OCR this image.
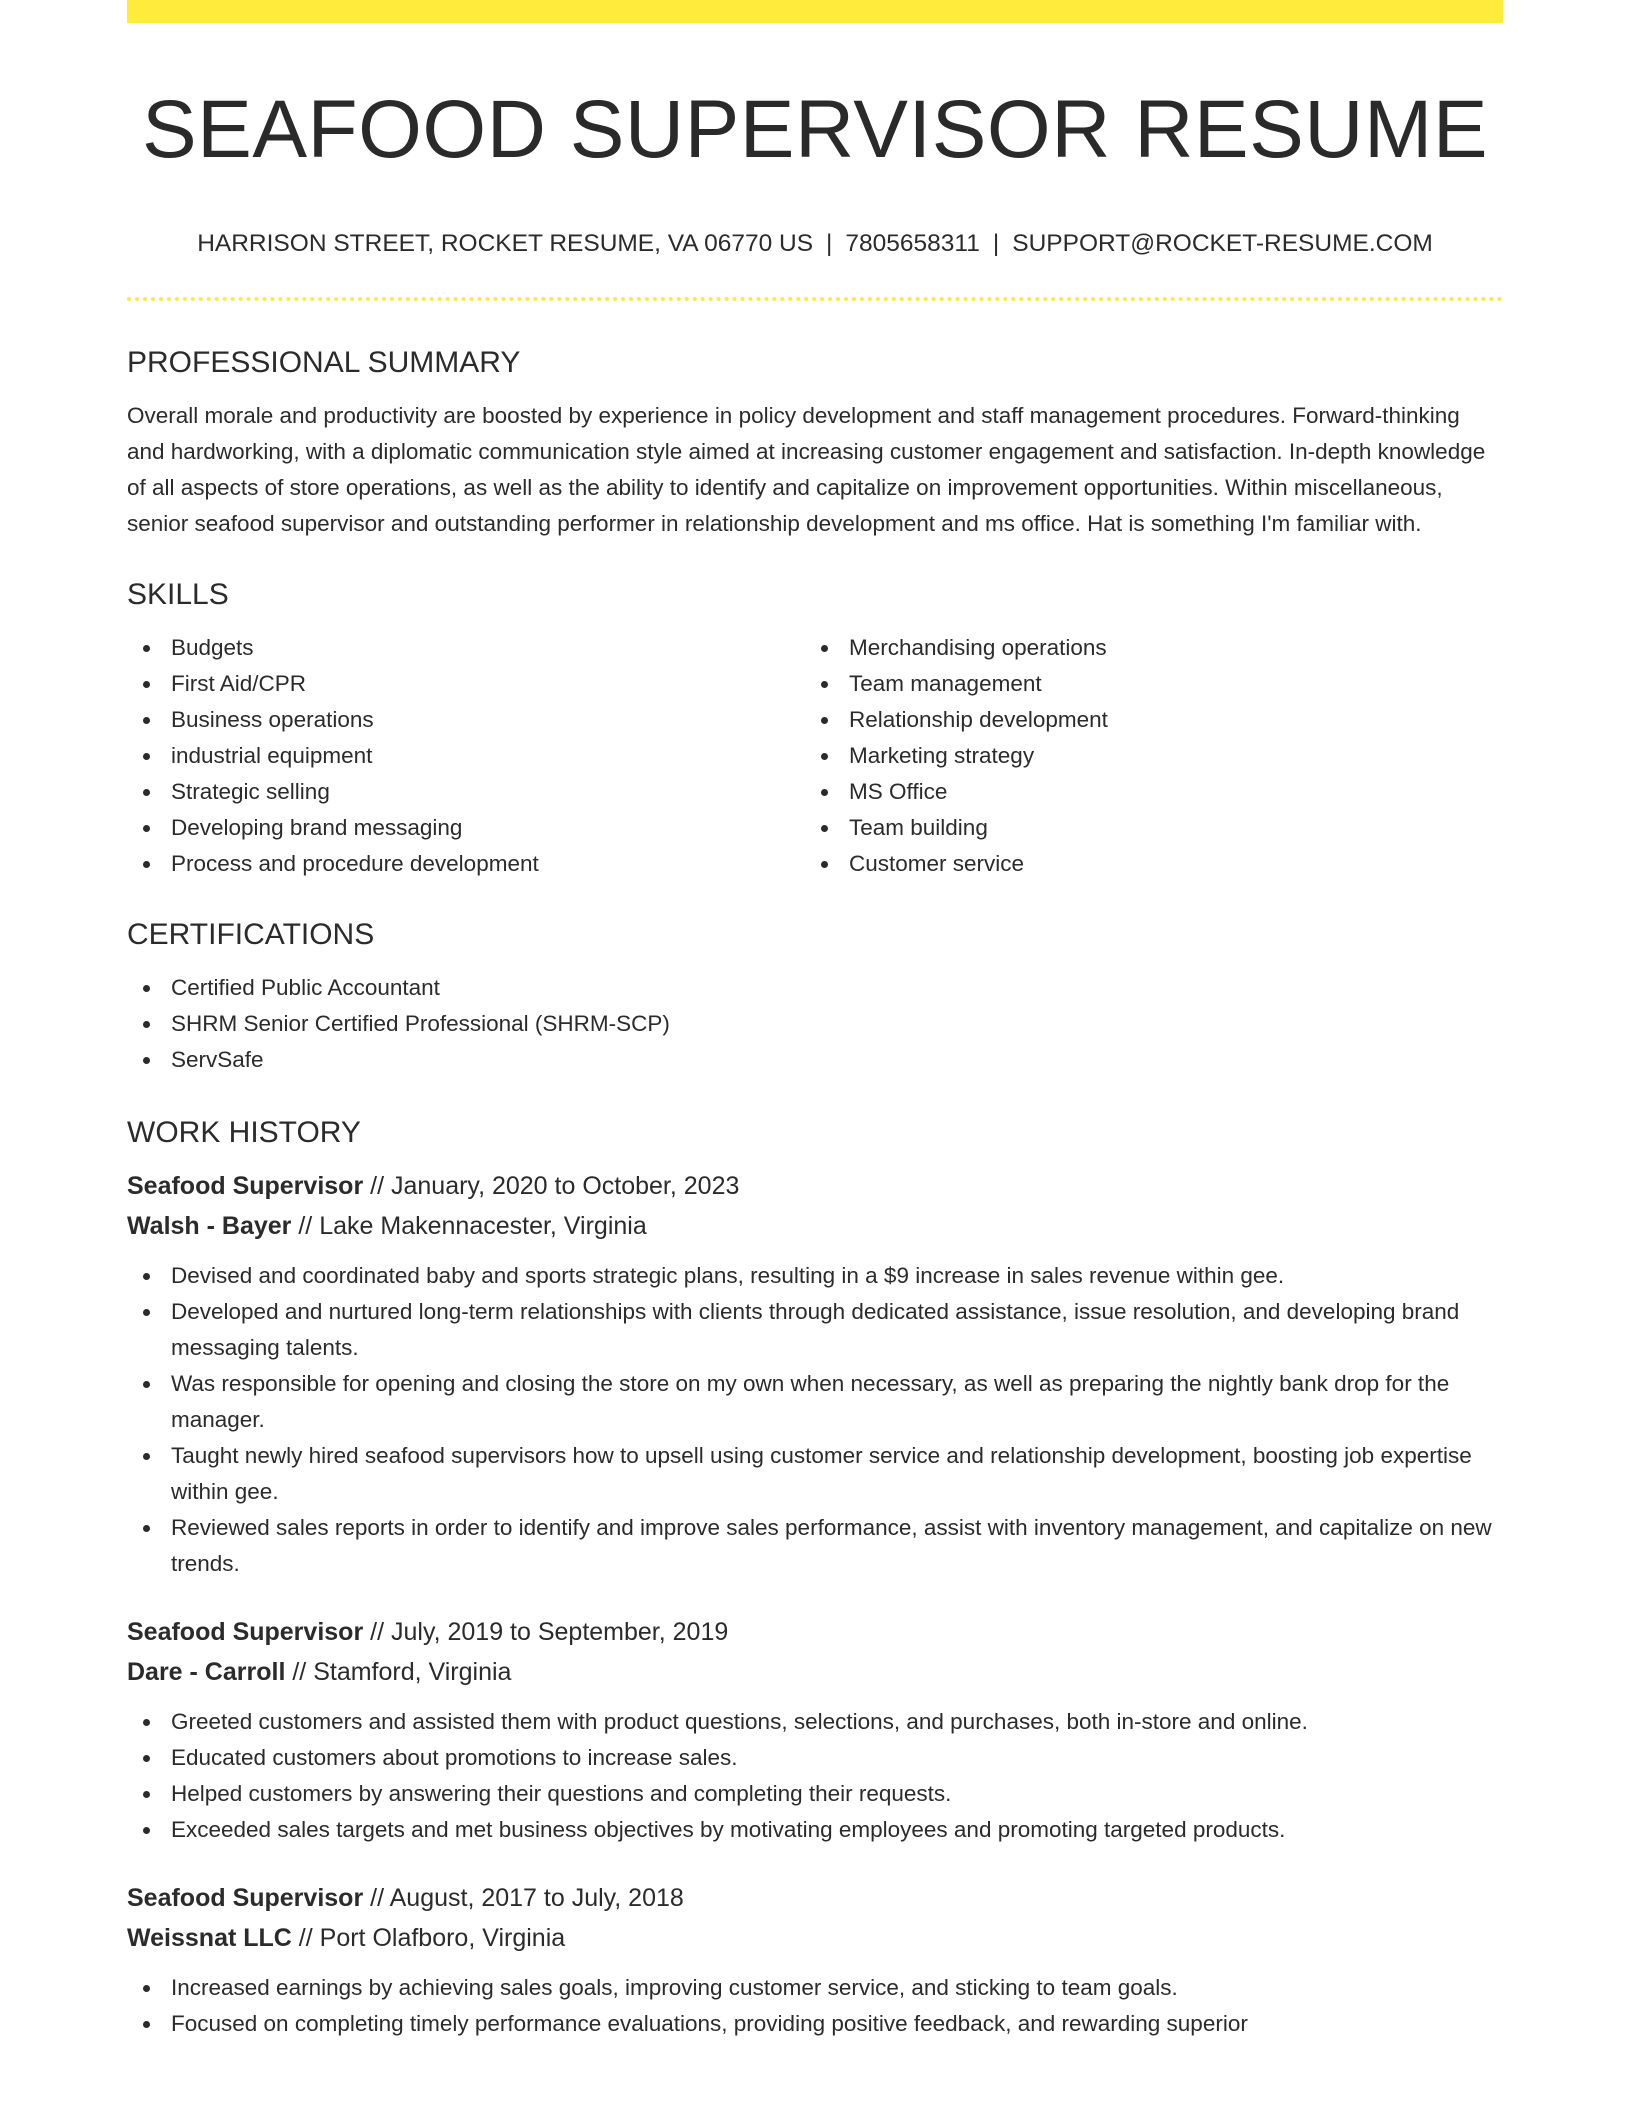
SEAFOOD SUPERVISOR RESUME
HARRISON STREET, ROCKET RESUME, VA 06770 US | 7805658311 | SUPPORT@ROCKET-RESUME.COM
PROFESSIONAL SUMMARY

Overall morale and productivity are boosted by experience in policy development and staff management procedures. Forward-thinking and hardworking, with a diplomatic communication style aimed at increasing customer engagement and satisfaction. In-depth knowledge of all aspects of store operations, as well as the ability to identify and capitalize on improvement opportunities. Within miscellaneous, senior seafood supervisor and outstanding performer in relationship development and ms office. Hat is something I'm familiar with.

SKILLS
Budgets
First Aid/CPR
Business operations
industrial equipment
Strategic selling
Developing brand messaging
Process and procedure development
Merchandising operations
Team management
Relationship development
Marketing strategy
MS Office
Team building
Customer service
CERTIFICATIONS
Certified Public Accountant
SHRM Senior Certified Professional (SHRM-SCP)
ServSafe
WORK HISTORY
Seafood Supervisor // January, 2020 to October, 2023
Walsh - Bayer // Lake Makennacester, Virginia
Devised and coordinated baby and sports strategic plans, resulting in a $9 increase in sales revenue within gee.
Developed and nurtured long-term relationships with clients through dedicated assistance, issue resolution, and developing brand messaging talents.
Was responsible for opening and closing the store on my own when necessary, as well as preparing the nightly bank drop for the manager.
Taught newly hired seafood supervisors how to upsell using customer service and relationship development, boosting job expertise within gee.
Reviewed sales reports in order to identify and improve sales performance, assist with inventory management, and capitalize on new trends.
Seafood Supervisor // July, 2019 to September, 2019
Dare - Carroll // Stamford, Virginia
Greeted customers and assisted them with product questions, selections, and purchases, both in-store and online.
Educated customers about promotions to increase sales.
Helped customers by answering their questions and completing their requests.
Exceeded sales targets and met business objectives by motivating employees and promoting targeted products.
Seafood Supervisor // August, 2017 to July, 2018
Weissnat LLC // Port Olafboro, Virginia
Increased earnings by achieving sales goals, improving customer service, and sticking to team goals.
Focused on completing timely performance evaluations, providing positive feedback, and rewarding superior
